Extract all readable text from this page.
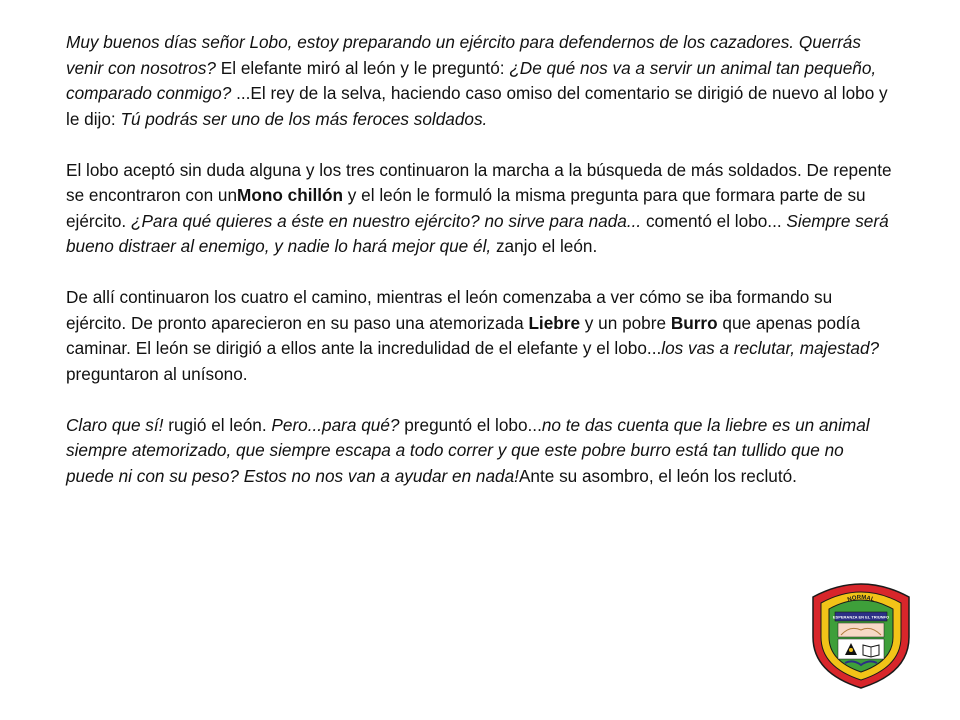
Muy buenos días señor Lobo, estoy preparando un ejército para defendernos de los cazadores. Querrás venir con nosotros? El elefante miró al león y le preguntó: ¿De qué nos va a servir un animal tan pequeño, comparado conmigo? ...El rey de la selva, haciendo caso omiso del comentario se dirigió de nuevo al lobo y le dijo: Tú podrás ser uno de los más feroces soldados.

El lobo aceptó sin duda alguna y los tres continuaron la marcha a la búsqueda de más soldados. De repente se encontraron con unMono chillón y el león le formuló la misma pregunta para que formara parte de su ejército. ¿Para qué quieres a éste en nuestro ejército? no sirve para nada... comentó el lobo... Siempre será bueno distraer al enemigo, y nadie lo hará mejor que él, zanjo el león.

De allí continuaron los cuatro el camino, mientras el león comenzaba a ver cómo se iba formando su ejército. De pronto aparecieron en su paso una atemorizada Liebre y un pobre Burro que apenas podía caminar. El león se dirigió a ellos ante la incredulidad de el elefante y el lobo...los vas a reclutar, majestad? preguntaron al unísono.

Claro que sí! rugió el león. Pero...para qué? preguntó el lobo...no te das cuenta que la liebre es un animal siempre atemorizado, que siempre escapa a todo correr y que este pobre burro está tan tullido que no puede ni con su peso? Estos no nos van a ayudar en nada!Ante su asombro, el león los reclutó.

NORMAL
ESPERANZA EN EL TRIUNFO
